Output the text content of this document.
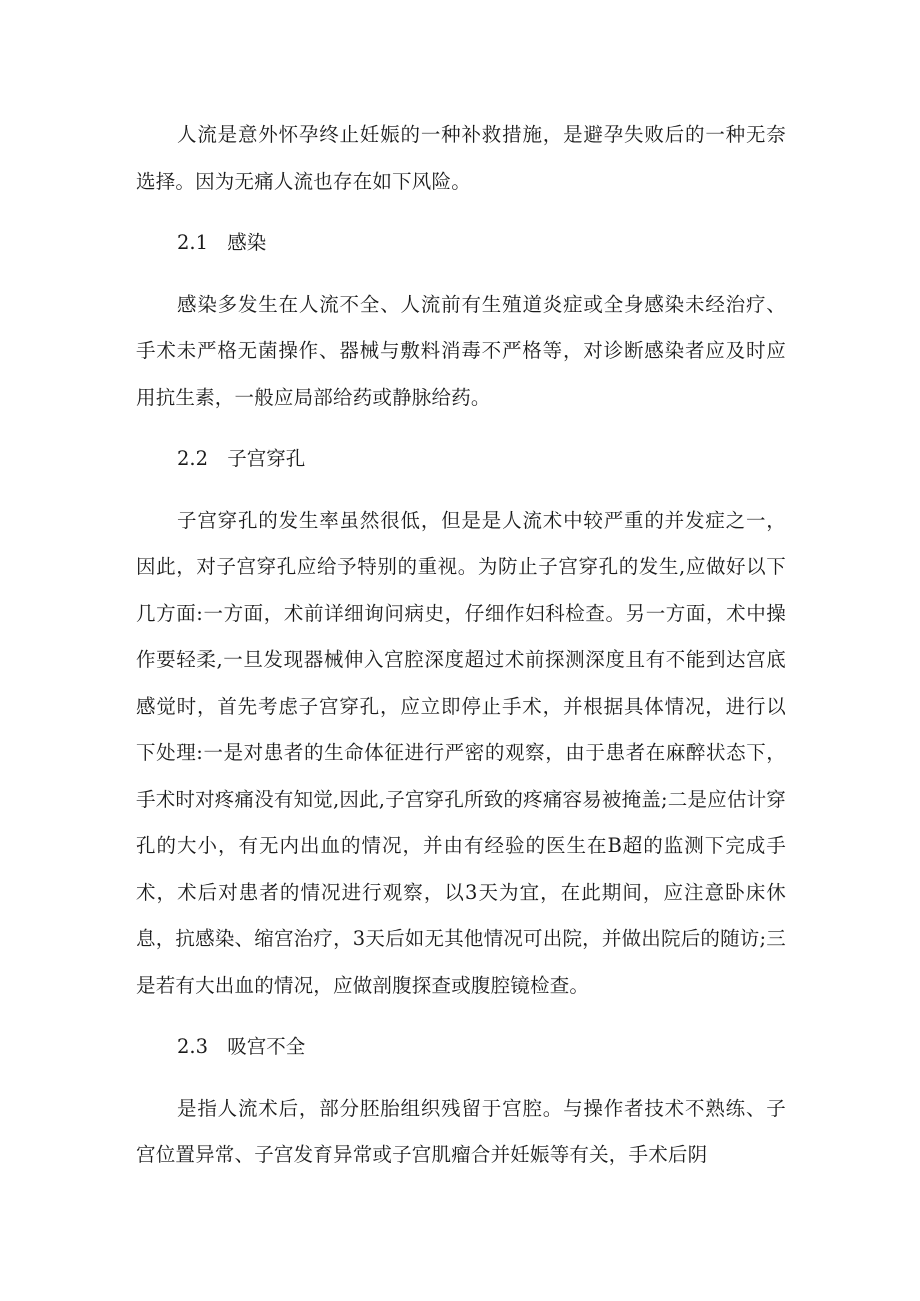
人流是意外怀孕终止妊娠的一种补救措施，是避孕失败后的一种无奈选择。因为无痛人流也存在如下风险。

2.1 感染

感染多发生在人流不全、人流前有生殖道炎症或全身感染未经治疗、手术未严格无菌操作、器械与敷料消毒不严格等，对诊断感染者应及时应用抗生素，一般应局部给药或静脉给药。

2.2 子宫穿孔

子宫穿孔的发生率虽然很低，但是是人流术中较严重的并发症之一，因此，对子宫穿孔应给予特别的重视。为防止子宫穿孔的发生,应做好以下几方面:一方面，术前详细询问病史，仔细作妇科检查。另一方面，术中操作要轻柔,一旦发现器械伸入宫腔深度超过术前探测深度且有不能到达宫底感觉时，首先考虑子宫穿孔，应立即停止手术，并根据具体情况，进行以下处理:一是对患者的生命体征进行严密的观察，由于患者在麻醉状态下，手术时对疼痛没有知觉,因此,子宫穿孔所致的疼痛容易被掩盖;二是应估计穿孔的大小，有无内出血的情况，并由有经验的医生在B超的监测下完成手术，术后对患者的情况进行观察，以3天为宜，在此期间，应注意卧床休息，抗感染、缩宫治疗，3天后如无其他情况可出院，并做出院后的随访;三是若有大出血的情况，应做剖腹探查或腹腔镜检查。

2.3 吸宫不全

是指人流术后，部分胚胎组织残留于宫腔。与操作者技术不熟练、子宫位置异常、子宫发育异常或子宫肌瘤合并妊娠等有关，手术后阴
